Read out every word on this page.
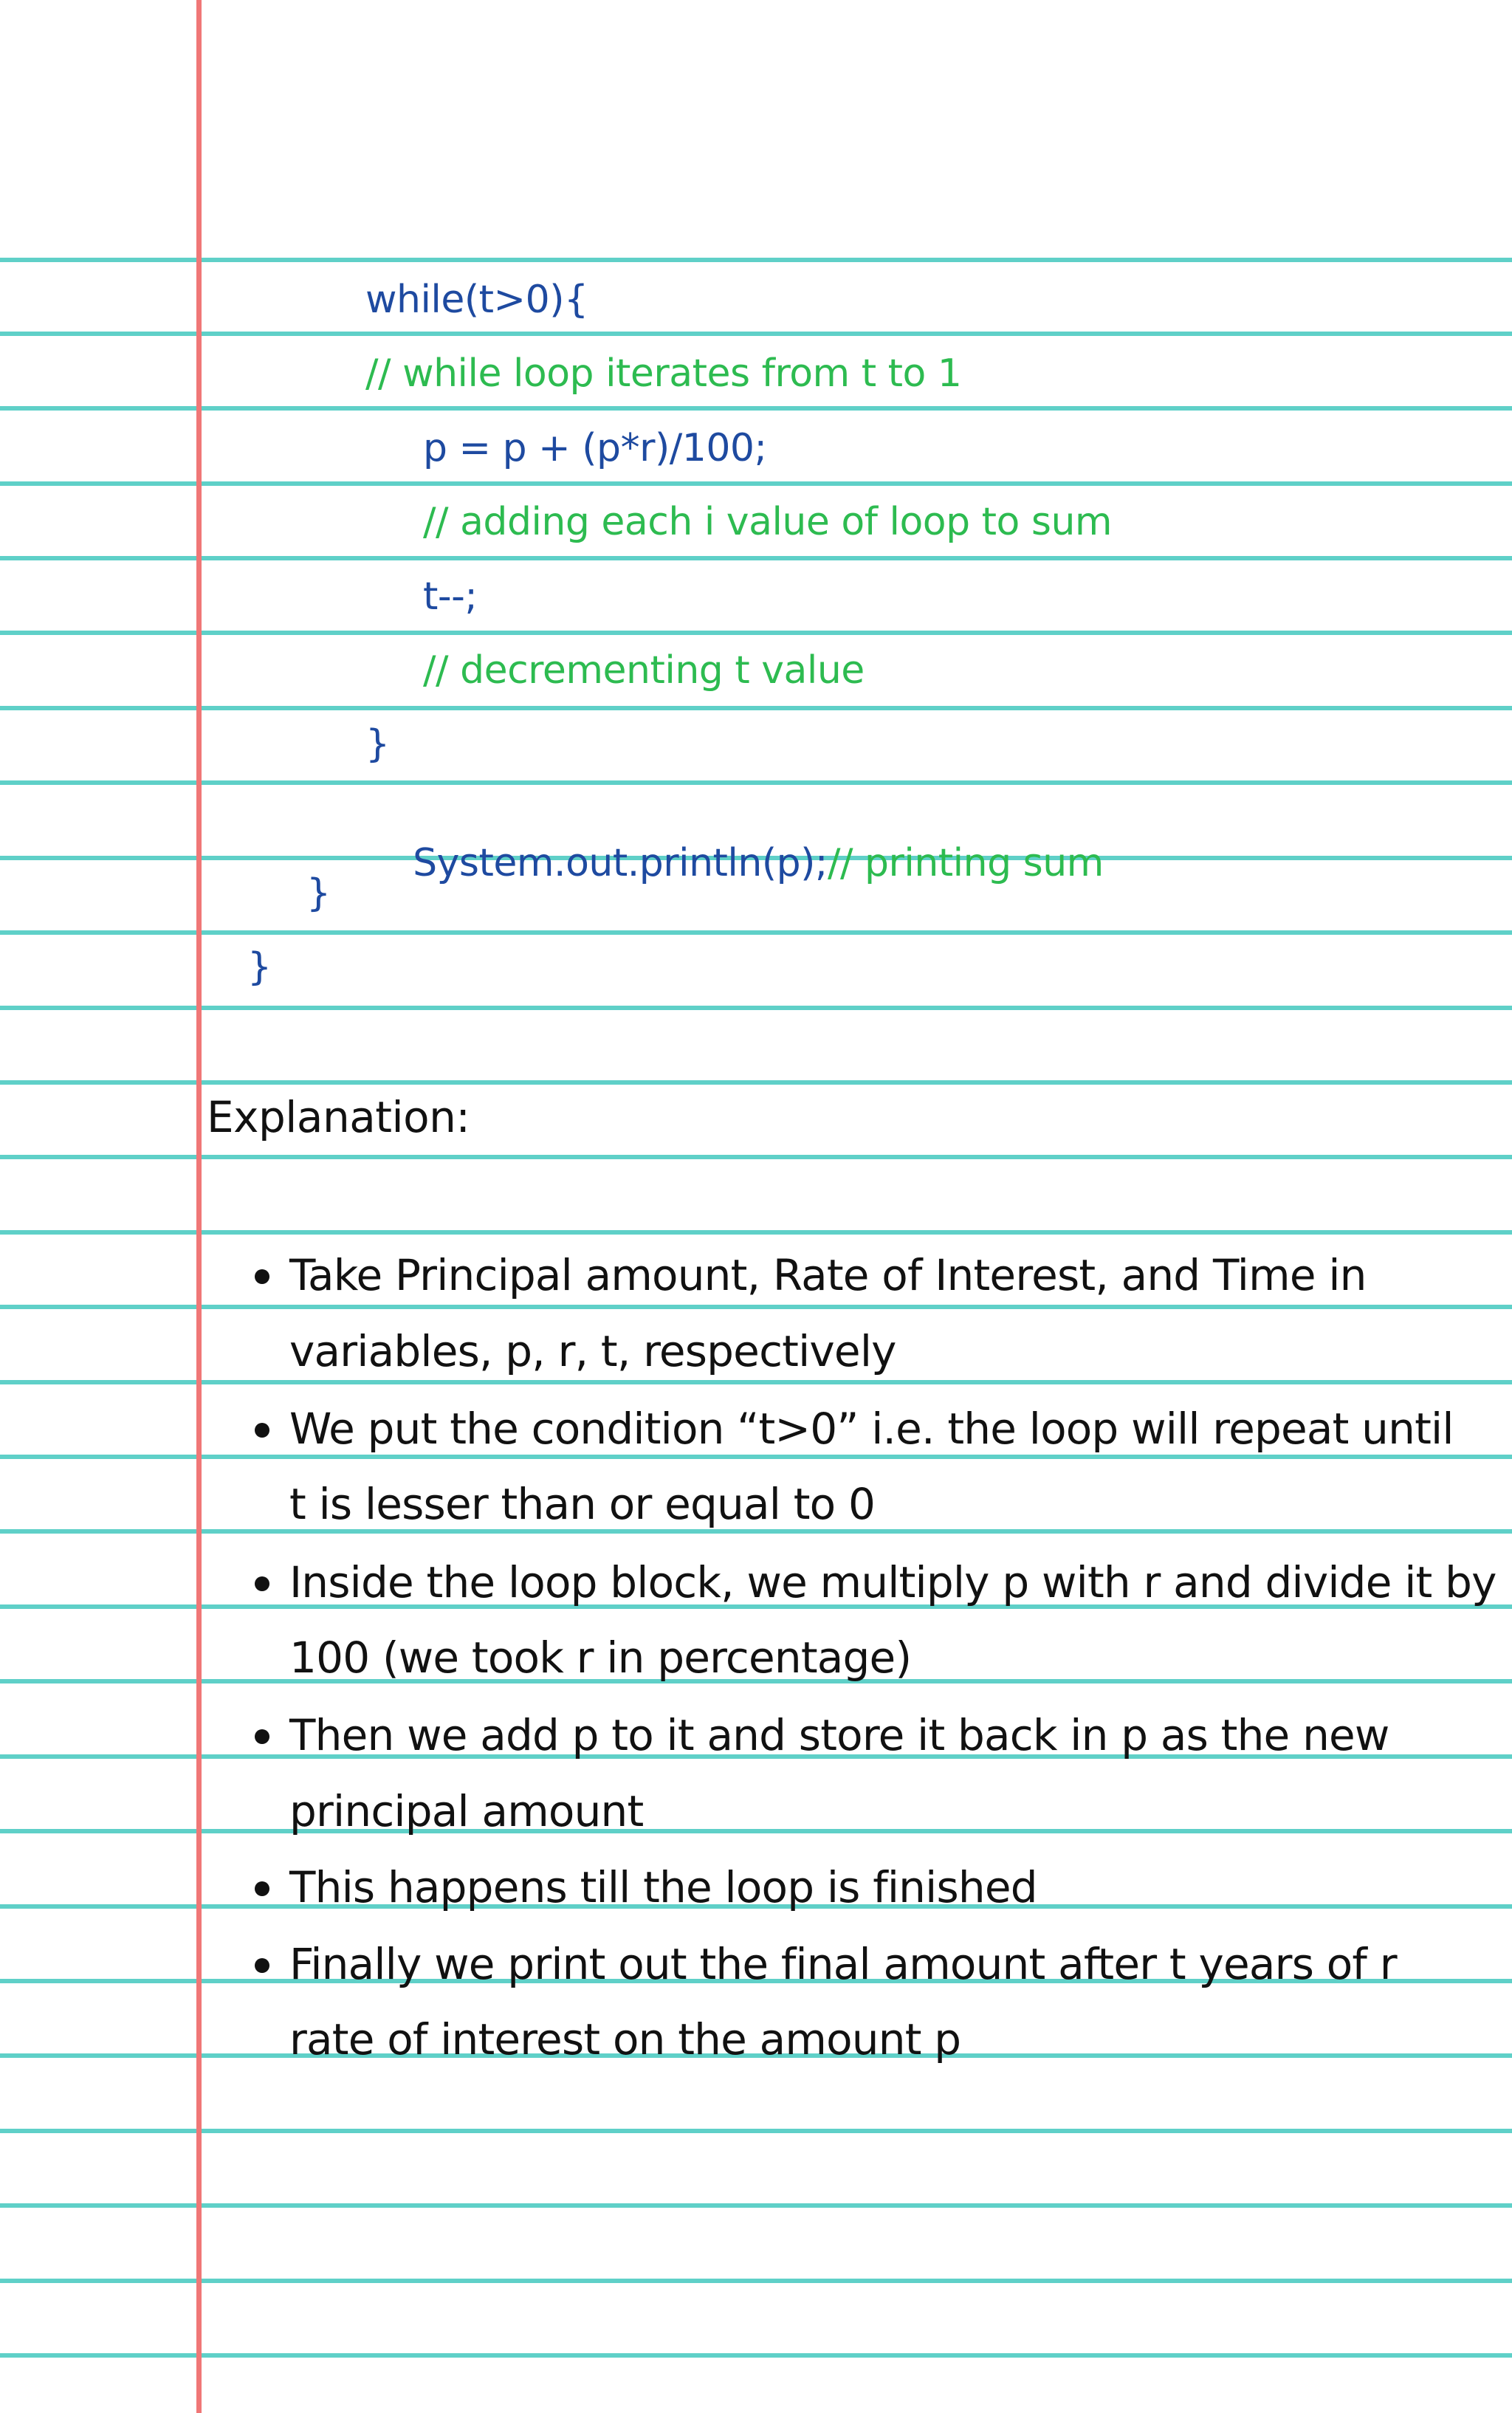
while(t>0){
// while loop iterates from t to 1
p = p + (p*r)/100;
// adding each i value of loop to sum
t--;
// decrementing t value
}

System.out.println(p);// printing sum

}
}
Explanation:
Take Principal amount, Rate of Interest, and Time in
variables, p, r, t, respectively
We put the condition “t>0” i.e. the loop will repeat until
t is lesser than or equal to 0
Inside the loop block, we multiply p with r and divide it by
100 (we took r in percentage)
Then we add p to it and store it back in p as the new
principal amount
This happens till the loop is finished
Finally we print out the final amount after t years of r
rate of interest on the amount p
